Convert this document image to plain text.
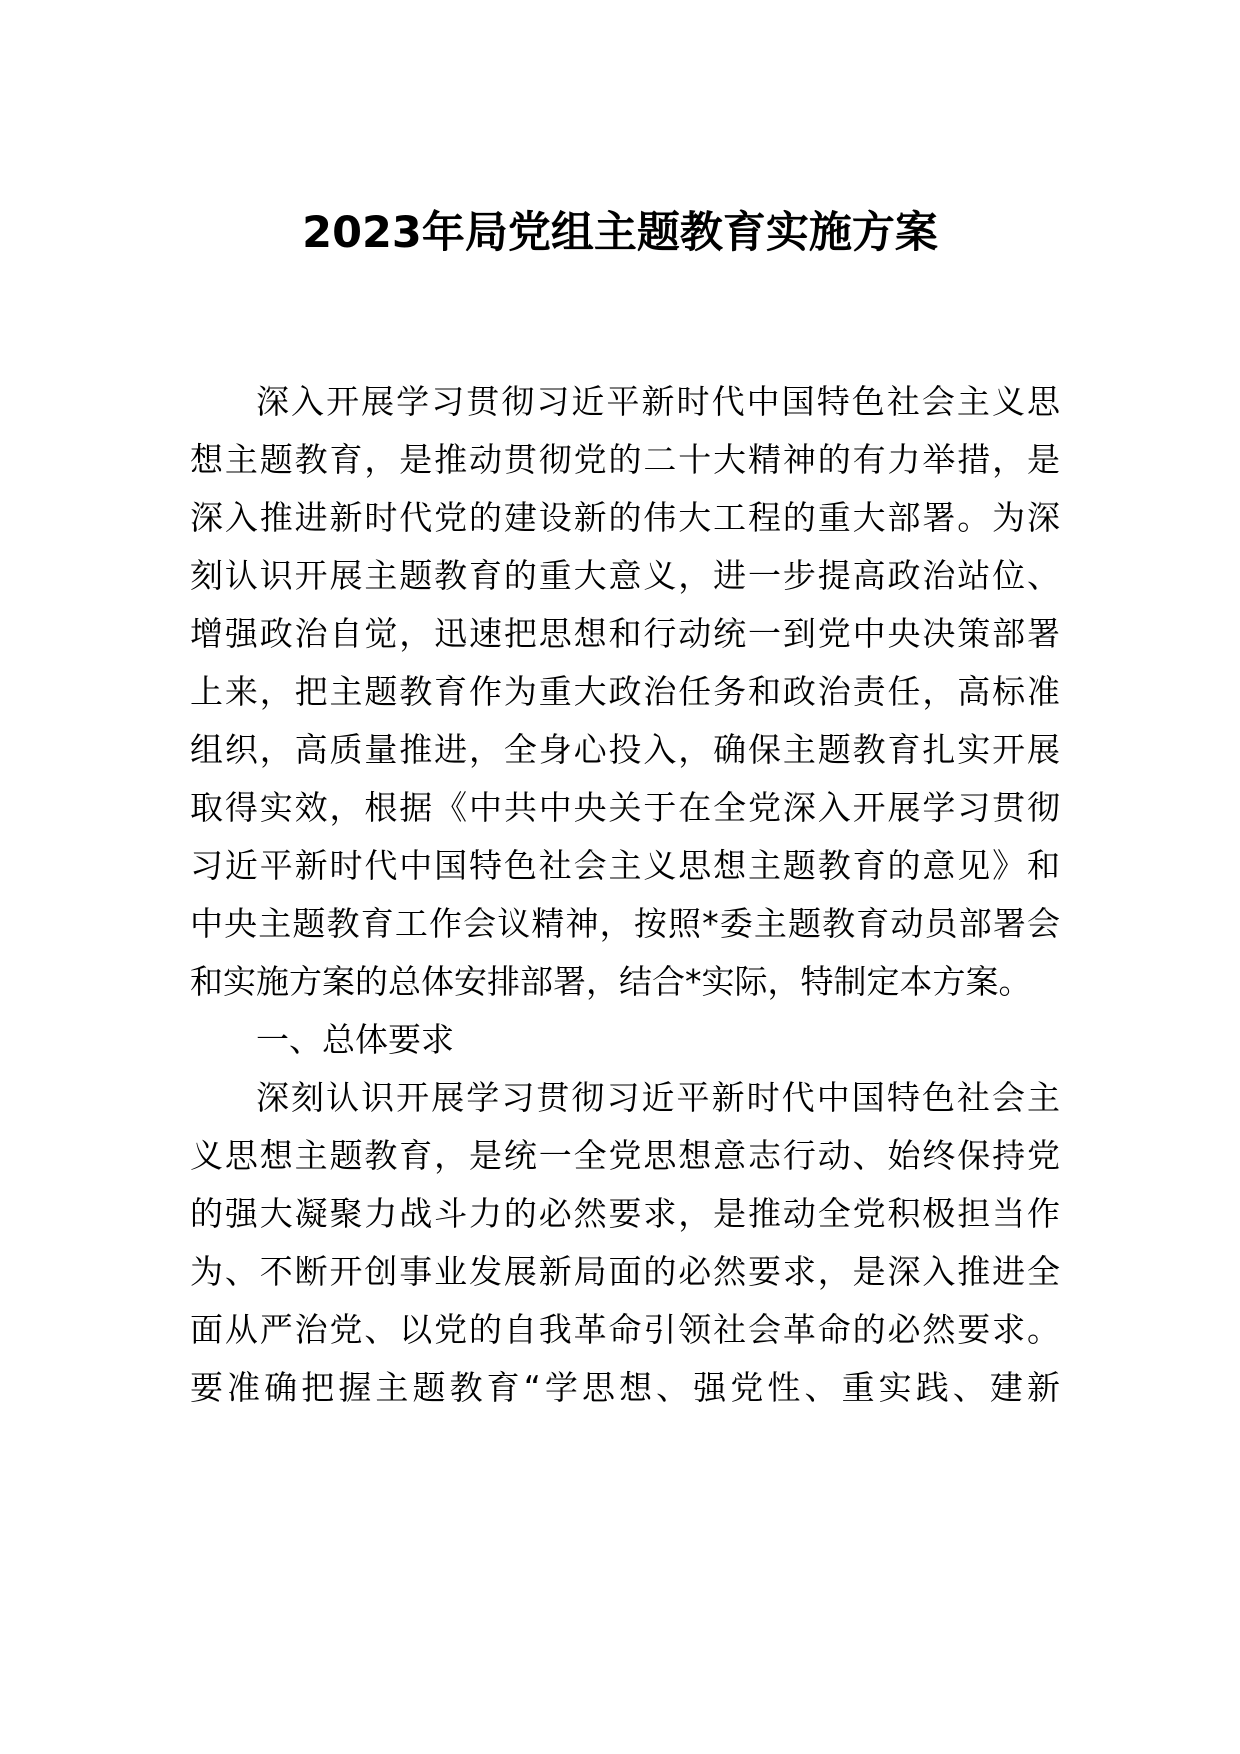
2023年局党组主题教育实施方案
深入开展学习贯彻习近平新时代中国特色社会主义思
想主题教育，是推动贯彻党的二十大精神的有力举措，是
深入推进新时代党的建设新的伟大工程的重大部署。为深
刻认识开展主题教育的重大意义，进一步提高政治站位、
增强政治自觉，迅速把思想和行动统一到党中央决策部署
上来，把主题教育作为重大政治任务和政治责任，高标准
组织，高质量推进，全身心投入，确保主题教育扎实开展
取得实效，根据《中共中央关于在全党深入开展学习贯彻
习近平新时代中国特色社会主义思想主题教育的意见》和
中央主题教育工作会议精神，按照*委主题教育动员部署会
和实施方案的总体安排部署，结合*实际，特制定本方案。
一、总体要求
深刻认识开展学习贯彻习近平新时代中国特色社会主
义思想主题教育，是统一全党思想意志行动、始终保持党
的强大凝聚力战斗力的必然要求，是推动全党积极担当作
为、不断开创事业发展新局面的必然要求，是深入推进全
面从严治党、以党的自我革命引领社会革命的必然要求。
要准确把握主题教育“学思想、强党性、重实践、建新
